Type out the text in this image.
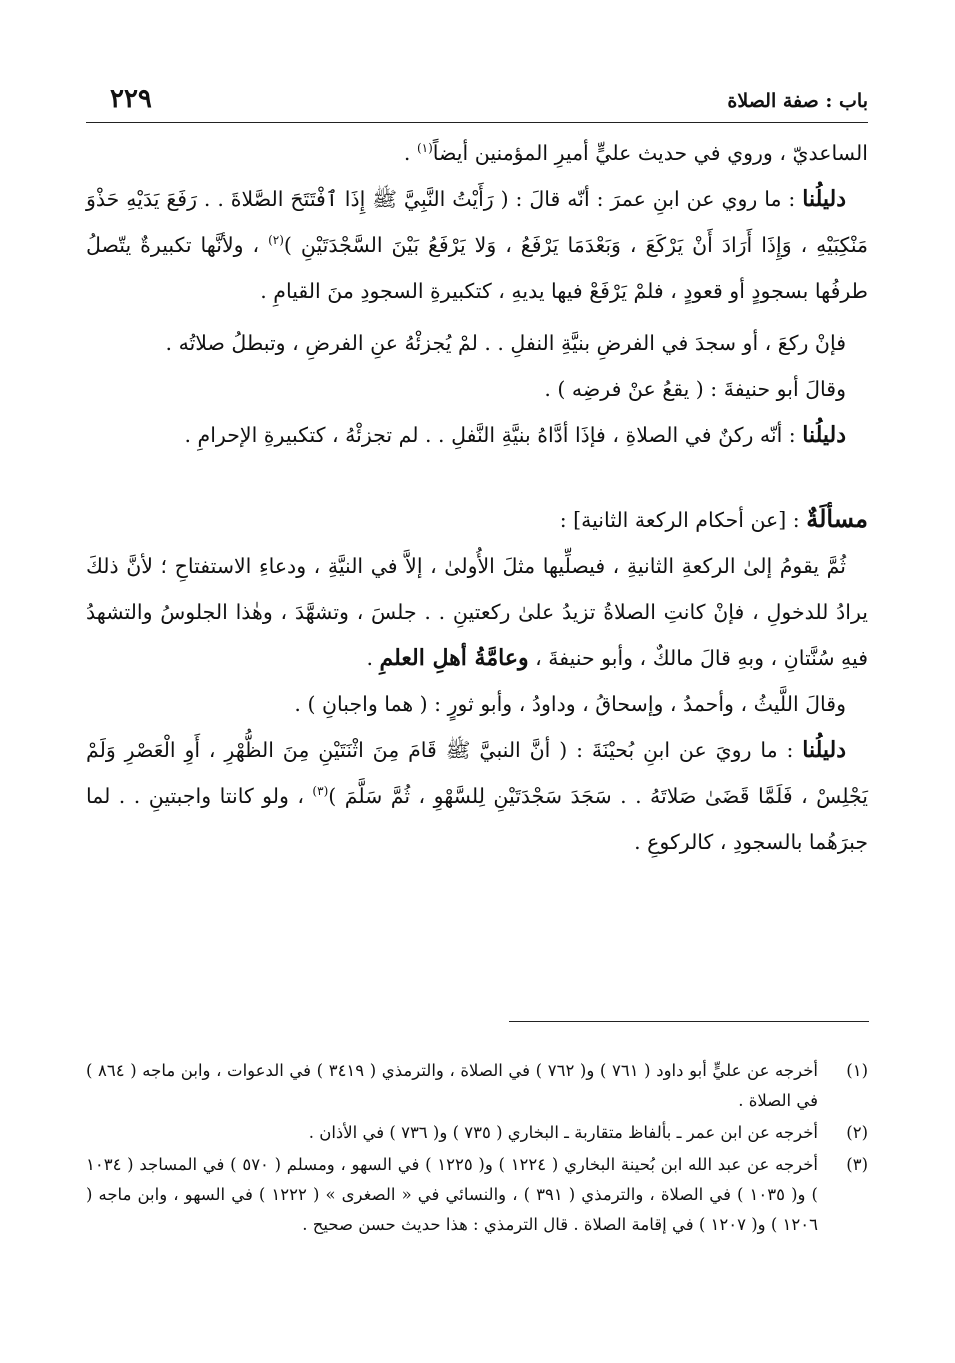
باب : صفة الصلاة
٢٢٩

الساعديّ ، وروي في حديث عليٍّ أميرِ المؤمنين أيضاً$^{(١)}$ .

دليلُنا : ما روي عن ابنِ عمرَ : أنّه قالَ : ( رَأَيْتُ النَّبِيَّ ﷺ إِذَا ٱفْتَتَحَ الصَّلاةَ . . رَفَعَ يَدَيْهِ حَذْوَ مَنْكِبَيْهِ ، وَإِذَا أَرَادَ أَنْ يَرْكَعَ ، وَبَعْدَمَا يَرْفَعُ ، وَلا يَرْفَعُ بَيْنَ السَّجْدَتَيْنِ )$^{(٢)}$ ، ولأنَّها تكبيرةٌ يتّصلُ طرفُها بسجودٍ أو قعودٍ ، فلمْ يَرْفَعْ فيها يديهِ ، كتكبيرةِ السجودِ منَ القيامِ .

فإنْ ركعَ ، أو سجدَ في الفرضِ بنيَّةِ النفلِ . . لمْ يُجزئْهُ عنِ الفرضِ ، وتبطلُ صلاتُه .

وقالَ أبو حنيفةَ : ( يقعُ عنْ فرضِه ) .

دليلُنا : أنّه ركنٌ في الصلاةِ ، فإذَا أدَّاهُ بنيَّةِ النَّفلِ . . لم تجزئْهُ ، كتكبيرةِ الإحرامِ .

مسألَةٌ : [عن أحكام الركعة الثانية] :

ثُمَّ يقومُ إلىٰ الركعةِ الثانيةِ ، فيصلِّيها مثلَ الأُولىٰ ، إلاَّ في النيَّةِ ، ودعاءِ الاستفتاحِ ؛ لأنَّ ذلكَ يرادُ للدخولِ ، فإنْ كانتِ الصلاةُ تزيدُ علىٰ ركعتينِ . . جلسَ ، وتشهَّدَ ، وهٰذا الجلوسُ والتشهدُ فيهِ سُنَّتانِ ، وبهِ قالَ مالكٌ ، وأبو حنيفةَ ، وعامَّةُ أهلِ العلمِ .

وقالَ اللَّيثُ ، وأحمدُ ، وإسحاقُ ، وداودُ ، وأبو ثورٍ : ( هما واجبانِ ) .

دليلُنا : ما رويَ عن ابنِ بُحيْنَةَ : ( أنَّ النبيَّ ﷺ قَامَ مِنَ اثْنَتَيْنِ مِنَ الظُّهْرِ ، أَوِ الْعَصْرِ وَلَمْ يَجْلِسْ ، فَلَمَّا قَضَىٰ صَلاتَهُ . . سَجَدَ سَجْدَتَيْنِ لِلسَّهْوِ ، ثُمَّ سَلَّمَ )$^{(٣)}$ ، ولو كانتا واجبتينِ . . لما جبرَهُما بالسجودِ ، كالركوعِ .

(١)
أخرجه عن عليٍّ أبو داود ( ٧٦١ ) و( ٧٦٢ ) في الصلاة ، والترمذي ( ٣٤١٩ ) في الدعوات ، وابن ماجه ( ٨٦٤ ) في الصلاة .
(٢)
أخرجه عن ابن عمر ـ بألفاظ متقاربة ـ البخاري ( ٧٣٥ ) و( ٧٣٦ ) في الأذان .
(٣)
أخرجه عن عبد الله ابن بُحينة البخاري ( ١٢٢٤ ) و( ١٢٢٥ ) في السهو ، ومسلم ( ٥٧٠ ) في المساجد ( ١٠٣٤ ) و( ١٠٣٥ ) في الصلاة ، والترمذي ( ٣٩١ ) ، والنسائي في « الصغرى » ( ١٢٢٢ ) في السهو ، وابن ماجه ( ١٢٠٦ ) و( ١٢٠٧ ) في إقامة الصلاة . قال الترمذي : هذا حديث حسن صحيح .
